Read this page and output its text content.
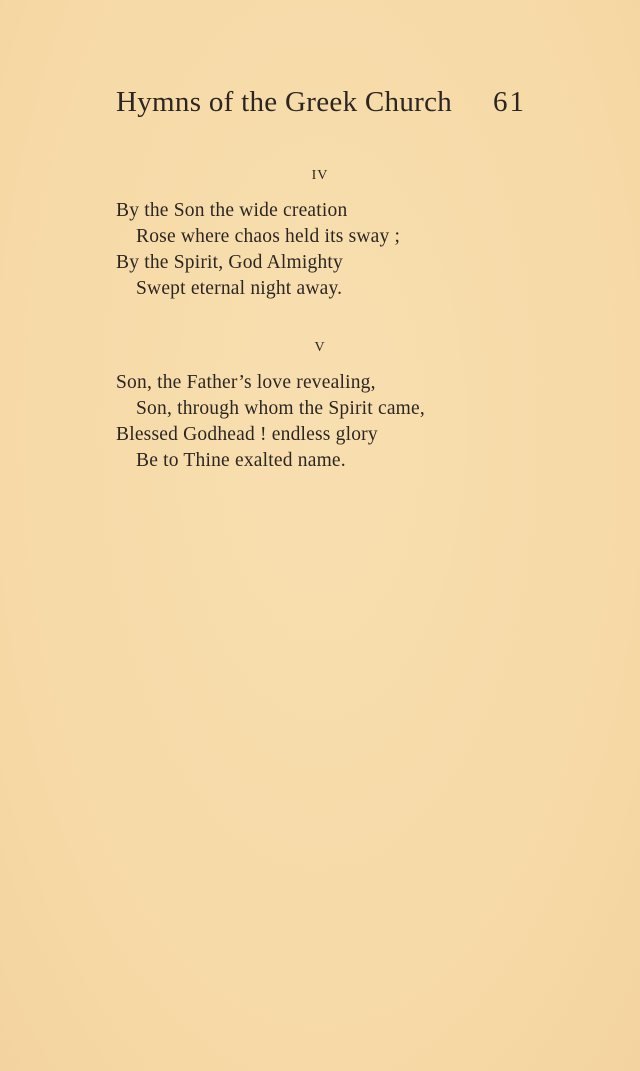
Hymns of the Greek Church 61
IV
By the Son the wide creation
Rose where chaos held its sway ;
By the Spirit, God Almighty
Swept eternal night away.
V
Son, the Father’s love revealing,
Son, through whom the Spirit came,
Blessed Godhead ! endless glory
Be to Thine exalted name.
